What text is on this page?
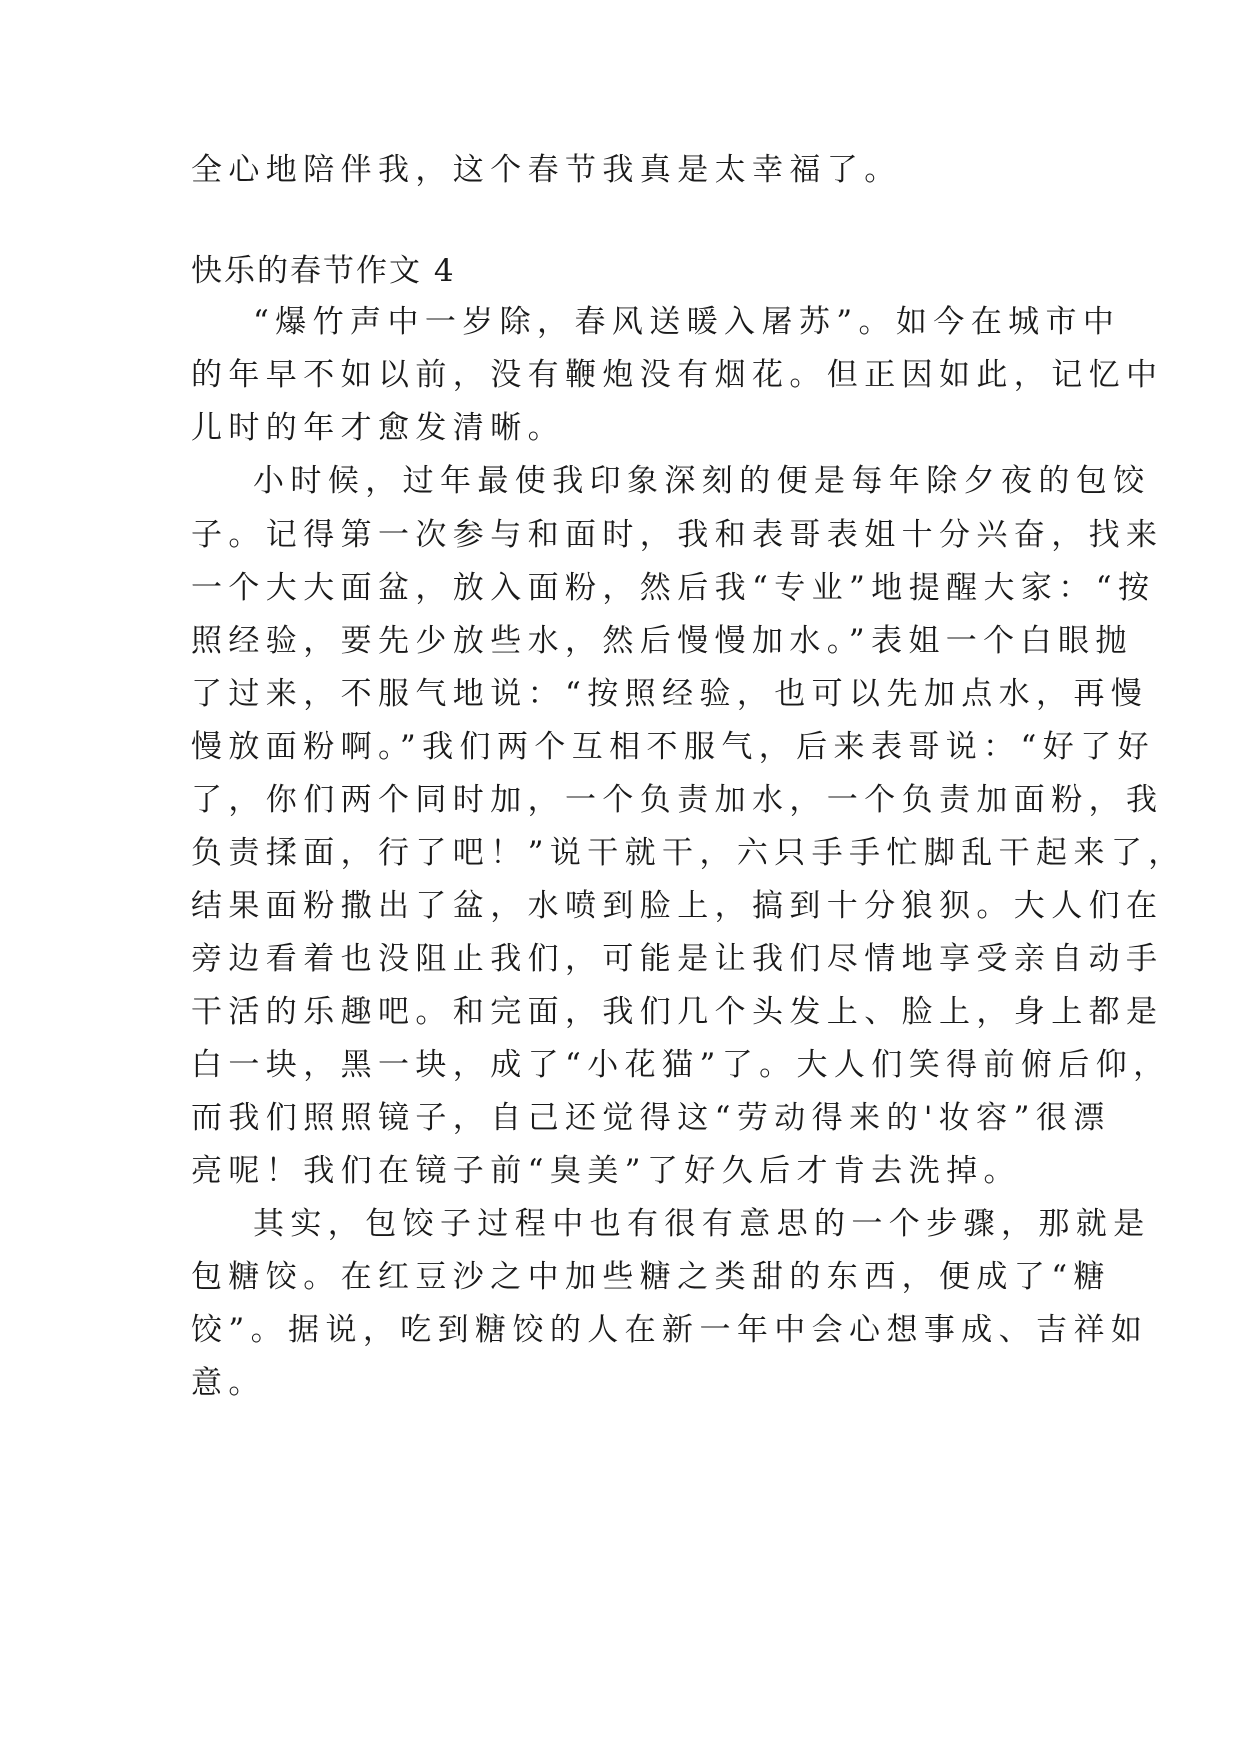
全心地陪伴我，这个春节我真是太幸福了。

快乐的春节作文 4

“爆竹声中一岁除，春风送暖入屠苏”。如今在城市中

的年早不如以前，没有鞭炮没有烟花。但正因如此，记忆中

儿时的年才愈发清晰。

小时候，过年最使我印象深刻的便是每年除夕夜的包饺

子。记得第一次参与和面时，我和表哥表姐十分兴奋，找来

一个大大面盆，放入面粉，然后我“专业”地提醒大家：“按

照经验，要先少放些水，然后慢慢加水。”表姐一个白眼抛

了过来，不服气地说：“按照经验，也可以先加点水，再慢

慢放面粉啊。”我们两个互相不服气，后来表哥说：“好了好

了，你们两个同时加，一个负责加水，一个负责加面粉，我

负责揉面，行了吧！”说干就干，六只手手忙脚乱干起来了，

结果面粉撒出了盆，水喷到脸上，搞到十分狼狈。大人们在

旁边看着也没阻止我们，可能是让我们尽情地享受亲自动手

干活的乐趣吧。和完面，我们几个头发上、脸上，身上都是

白一块，黑一块，成了“小花猫”了。大人们笑得前俯后仰，

而我们照照镜子，自己还觉得这“劳动得来的'妆容”很漂

亮呢！我们在镜子前“臭美”了好久后才肯去洗掉。

其实，包饺子过程中也有很有意思的一个步骤，那就是

包糖饺。在红豆沙之中加些糖之类甜的东西，便成了“糖

饺”。据说，吃到糖饺的人在新一年中会心想事成、吉祥如

意。
